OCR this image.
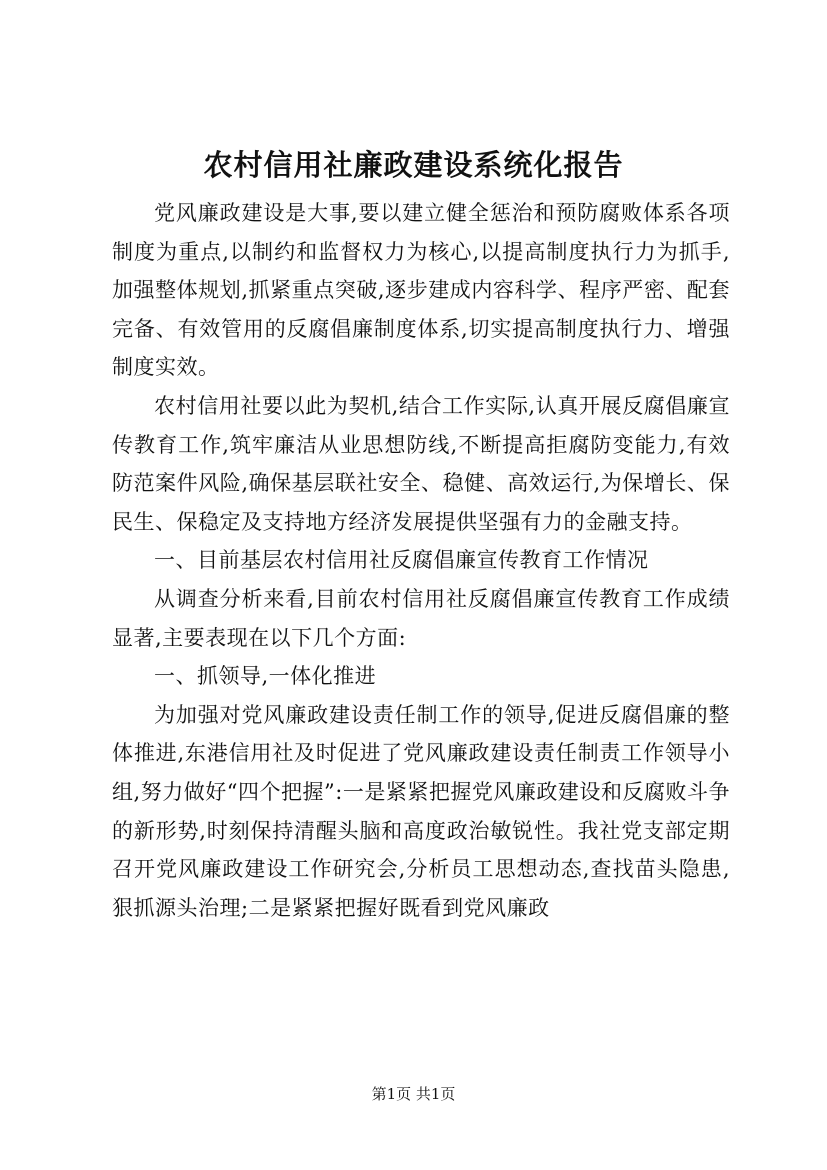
农村信用社廉政建设系统化报告

党风廉政建设是大事,要以建立健全惩治和预防腐败体系各项制度为重点,以制约和监督权力为核心,以提高制度执行力为抓手,加强整体规划,抓紧重点突破,逐步建成内容科学、程序严密、配套完备、有效管用的反腐倡廉制度体系,切实提高制度执行力、增强制度实效。

农村信用社要以此为契机,结合工作实际,认真开展反腐倡廉宣传教育工作,筑牢廉洁从业思想防线,不断提高拒腐防变能力,有效防范案件风险,确保基层联社安全、稳健、高效运行,为保增长、保民生、保稳定及支持地方经济发展提供坚强有力的金融支持。

一、目前基层农村信用社反腐倡廉宣传教育工作情况

从调查分析来看,目前农村信用社反腐倡廉宣传教育工作成绩显著,主要表现在以下几个方面:

一、抓领导,一体化推进

为加强对党风廉政建设责任制工作的领导,促进反腐倡廉的整体推进,东港信用社及时促进了党风廉政建设责任制责工作领导小组,努力做好“四个把握”:一是紧紧把握党风廉政建设和反腐败斗争的新形势,时刻保持清醒头脑和高度政治敏锐性。我社党支部定期召开党风廉政建设工作研究会,分析员工思想动态,查找苗头隐患,狠抓源头治理;二是紧紧把握好既看到党风廉政

第1页 共1页
